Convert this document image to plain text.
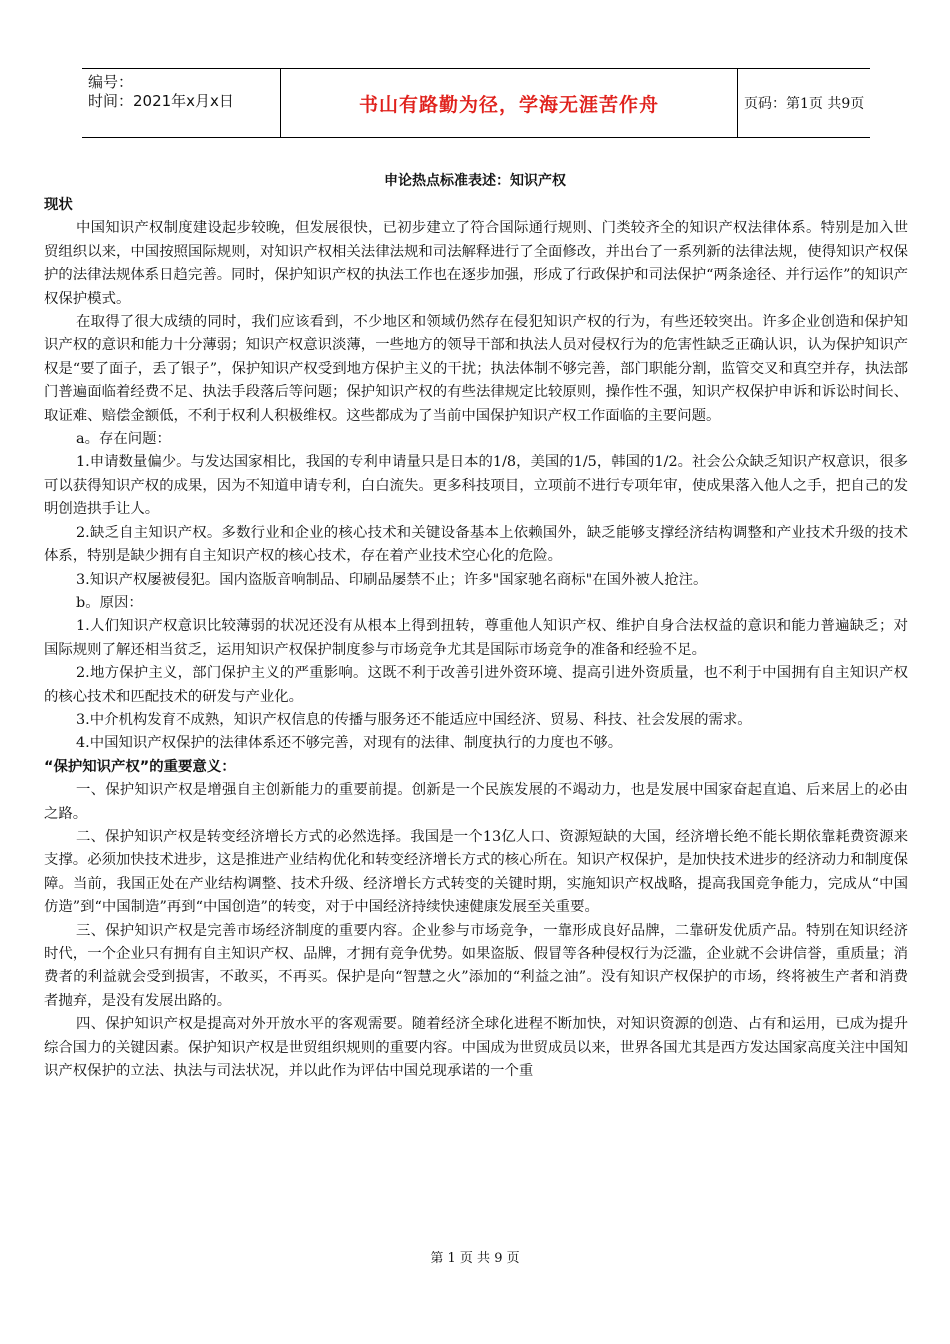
编号：
时间：2021年x月x日	书山有路勤为径，学海无涯苦作舟	页码：第1页 共9页
申论热点标准表述：知识产权

现状

中国知识产权制度建设起步较晚，但发展很快，已初步建立了符合国际通行规则、门类较齐全的知识产权法律体系。特别是加入世贸组织以来，中国按照国际规则，对知识产权相关法律法规和司法解释进行了全面修改，并出台了一系列新的法律法规，使得知识产权保护的法律法规体系日趋完善。同时，保护知识产权的执法工作也在逐步加强，形成了行政保护和司法保护“两条途径、并行运作”的知识产权保护模式。

在取得了很大成绩的同时，我们应该看到，不少地区和领域仍然存在侵犯知识产权的行为，有些还较突出。许多企业创造和保护知识产权的意识和能力十分薄弱；知识产权意识淡薄，一些地方的领导干部和执法人员对侵权行为的危害性缺乏正确认识，认为保护知识产权是“要了面子，丢了银子”，保护知识产权受到地方保护主义的干扰；执法体制不够完善，部门职能分割，监管交叉和真空并存，执法部门普遍面临着经费不足、执法手段落后等问题；保护知识产权的有些法律规定比较原则，操作性不强，知识产权保护申诉和诉讼时间长、取证难、赔偿金额低，不利于权利人积极维权。这些都成为了当前中国保护知识产权工作面临的主要问题。

a。存在问题：

1.申请数量偏少。与发达国家相比，我国的专利申请量只是日本的1/8，美国的1/5，韩国的1/2。社会公众缺乏知识产权意识，很多可以获得知识产权的成果，因为不知道申请专利，白白流失。更多科技项目，立项前不进行专项年审，使成果落入他人之手，把自己的发明创造拱手让人。

2.缺乏自主知识产权。多数行业和企业的核心技术和关键设备基本上依赖国外，缺乏能够支撑经济结构调整和产业技术升级的技术体系，特别是缺少拥有自主知识产权的核心技术，存在着产业技术空心化的危险。

3.知识产权屡被侵犯。国内盗版音响制品、印刷品屡禁不止；许多"国家驰名商标"在国外被人抢注。

b。原因：

1.人们知识产权意识比较薄弱的状况还没有从根本上得到扭转，尊重他人知识产权、维护自身合法权益的意识和能力普遍缺乏；对国际规则了解还相当贫乏，运用知识产权保护制度参与市场竞争尤其是国际市场竞争的准备和经验不足。

2.地方保护主义，部门保护主义的严重影响。这既不利于改善引进外资环境、提高引进外资质量，也不利于中国拥有自主知识产权的核心技术和匹配技术的研发与产业化。

3.中介机构发育不成熟，知识产权信息的传播与服务还不能适应中国经济、贸易、科技、社会发展的需求。

4.中国知识产权保护的法律体系还不够完善，对现有的法律、制度执行的力度也不够。

“保护知识产权”的重要意义：

一、保护知识产权是增强自主创新能力的重要前提。创新是一个民族发展的不竭动力，也是发展中国家奋起直追、后来居上的必由之路。

二、保护知识产权是转变经济增长方式的必然选择。我国是一个13亿人口、资源短缺的大国，经济增长绝不能长期依靠耗费资源来支撑。必须加快技术进步，这是推进产业结构优化和转变经济增长方式的核心所在。知识产权保护，是加快技术进步的经济动力和制度保障。当前，我国正处在产业结构调整、技术升级、经济增长方式转变的关键时期，实施知识产权战略，提高我国竞争能力，完成从“中国仿造”到“中国制造”再到“中国创造”的转变，对于中国经济持续快速健康发展至关重要。

三、保护知识产权是完善市场经济制度的重要内容。企业参与市场竞争，一靠形成良好品牌，二靠研发优质产品。特别在知识经济时代，一个企业只有拥有自主知识产权、品牌，才拥有竞争优势。如果盗版、假冒等各种侵权行为泛滥，企业就不会讲信誉，重质量；消费者的利益就会受到损害，不敢买，不再买。保护是向“智慧之火”添加的“利益之油”。没有知识产权保护的市场，终将被生产者和消费者抛弃，是没有发展出路的。

四、保护知识产权是提高对外开放水平的客观需要。随着经济全球化进程不断加快，对知识资源的创造、占有和运用，已成为提升综合国力的关键因素。保护知识产权是世贸组织规则的重要内容。中国成为世贸成员以来，世界各国尤其是西方发达国家高度关注中国知识产权保护的立法、执法与司法状况，并以此作为评估中国兑现承诺的一个重

第 1 页 共 9 页
